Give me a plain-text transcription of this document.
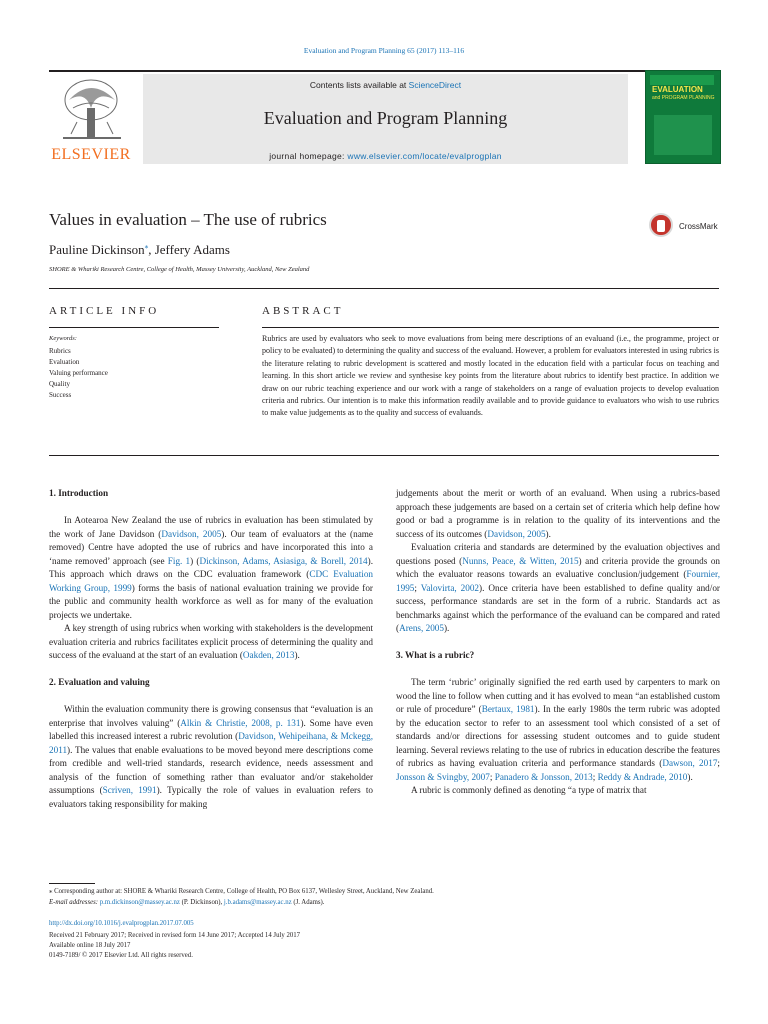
Evaluation and Program Planning 65 (2017) 113–116
ELSEVIER
Contents lists available at ScienceDirect
Evaluation and Program Planning
journal homepage: www.elsevier.com/locate/evalprogplan
EVALUATION
and PROGRAM PLANNING
Values in evaluation – The use of rubrics
Pauline Dickinson⁎, Jeffery Adams
SHORE & Whariki Research Centre, College of Health, Massey University, Auckland, New Zealand
CrossMark
ARTICLE INFO	ABSTRACT
Keywords:
Rubrics
Evaluation
Valuing performance
Quality
Success
Rubrics are used by evaluators who seek to move evaluations from being mere descriptions of an evaluand (i.e., the programme, project or policy to be evaluated) to determining the quality and success of the evaluand. However, a problem for evaluators interested in using rubrics is the literature relating to rubric development is scattered and mostly located in the education field with a particular focus on teaching and learning. In this short article we review and synthesise key points from the literature about rubrics to identify best practice. In addition we draw on our rubric teaching experience and our work with a range of stakeholders on a range of evaluation projects to develop evaluation criteria and rubrics. Our intention is to make this information readily available and to provide guidance to evaluators who wish to use rubrics to make value judgements as to the quality and success of evaluands.
1. Introduction

In Aotearoa New Zealand the use of rubrics in evaluation has been stimulated by the work of Jane Davidson (Davidson, 2005). Our team of evaluators at the (name removed) Centre have adopted the use of rubrics and have incorporated this into a ‘name removed’ approach (see Fig. 1) (Dickinson, Adams, Asiasiga, & Borell, 2014). This approach which draws on the CDC evaluation framework (CDC Evaluation Working Group, 1999) forms the basis of national evaluation training we provide for the public and community health workforce as well as for many of the evaluation projects we undertake.

A key strength of using rubrics when working with stakeholders is the development evaluation criteria and rubrics facilitates explicit process of determining the quality and success of the evaluand at the start of an evaluation (Oakden, 2013).

2. Evaluation and valuing

Within the evaluation community there is growing consensus that “evaluation is an enterprise that involves valuing” (Alkin & Christie, 2008, p. 131). Some have even labelled this increased interest a rubric revolution (Davidson, Wehipeihana, & Mckegg, 2011). The values that enable evaluations to be moved beyond mere descriptions come from credible and well-tried standards, research evidence, needs assessment and analysis of the function of something rather than evaluator and/or stakeholder assumptions (Scriven, 1991). Typically the role of values in evaluation refers to evaluators taking responsibility for making

judgements about the merit or worth of an evaluand. When using a rubrics-based approach these judgements are based on a certain set of criteria which help define how good or bad a programme is in relation to the quality of its interventions and the success of its outcomes (Davidson, 2005).

Evaluation criteria and standards are determined by the evaluation objectives and questions posed (Nunns, Peace, & Witten, 2015) and criteria provide the grounds on which the evaluator reasons towards an evaluative conclusion/judgement (Fournier, 1995; Valovirta, 2002). Once criteria have been established to define quality and/or success, performance standards are set in the form of a rubric. Standards act as benchmarks against which the performance of the evaluand can be compared and rated (Arens, 2005).

3. What is a rubric?

The term ‘rubric’ originally signified the red earth used by carpenters to mark on wood the line to follow when cutting and it has evolved to mean “an established custom or rule of procedure” (Bertaux, 1981). In the early 1980s the term rubric was adopted by the education sector to refer to an assessment tool which consisted of a set of standards and/or directions for assessing student outcomes and to guide student learning. Several reviews relating to the use of rubrics in education describe the features of rubrics as having evaluation criteria and performance standards (Dawson, 2017; Jonsson & Svingby, 2007; Panadero & Jonsson, 2013; Reddy & Andrade, 2010).

A rubric is commonly defined as denoting “a type of matrix that

⁎ Corresponding author at: SHORE & Whariki Research Centre, College of Health, PO Box 6137, Wellesley Street, Auckland, New Zealand.
E-mail addresses: p.m.dickinson@massey.ac.nz (P. Dickinson), j.b.adams@massey.ac.nz (J. Adams).
http://dx.doi.org/10.1016/j.evalprogplan.2017.07.005
Received 21 February 2017; Received in revised form 14 June 2017; Accepted 14 July 2017
Available online 18 July 2017
0149-7189/ © 2017 Elsevier Ltd. All rights reserved.
